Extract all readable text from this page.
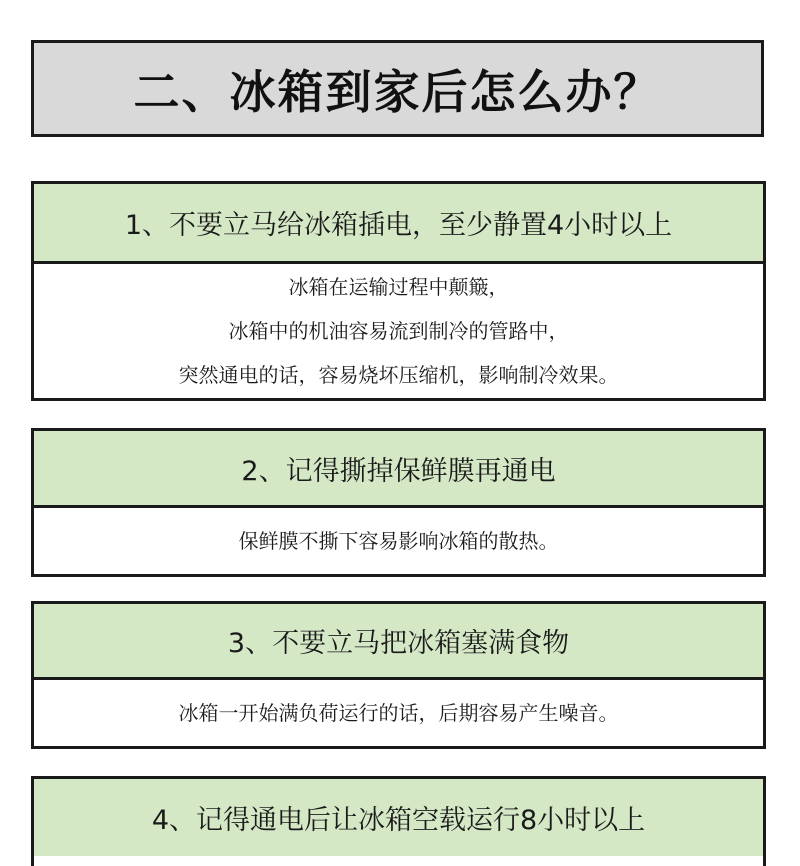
二、冰箱到家后怎么办？
1、不要立马给冰箱插电，至少静置4小时以上
冰箱在运输过程中颠簸，
冰箱中的机油容易流到制冷的管路中，
突然通电的话，容易烧坏压缩机，影响制冷效果。
2、记得撕掉保鲜膜再通电
保鲜膜不撕下容易影响冰箱的散热。
3、不要立马把冰箱塞满食物
冰箱一开始满负荷运行的话，后期容易产生噪音。
4、记得通电后让冰箱空载运行8小时以上
